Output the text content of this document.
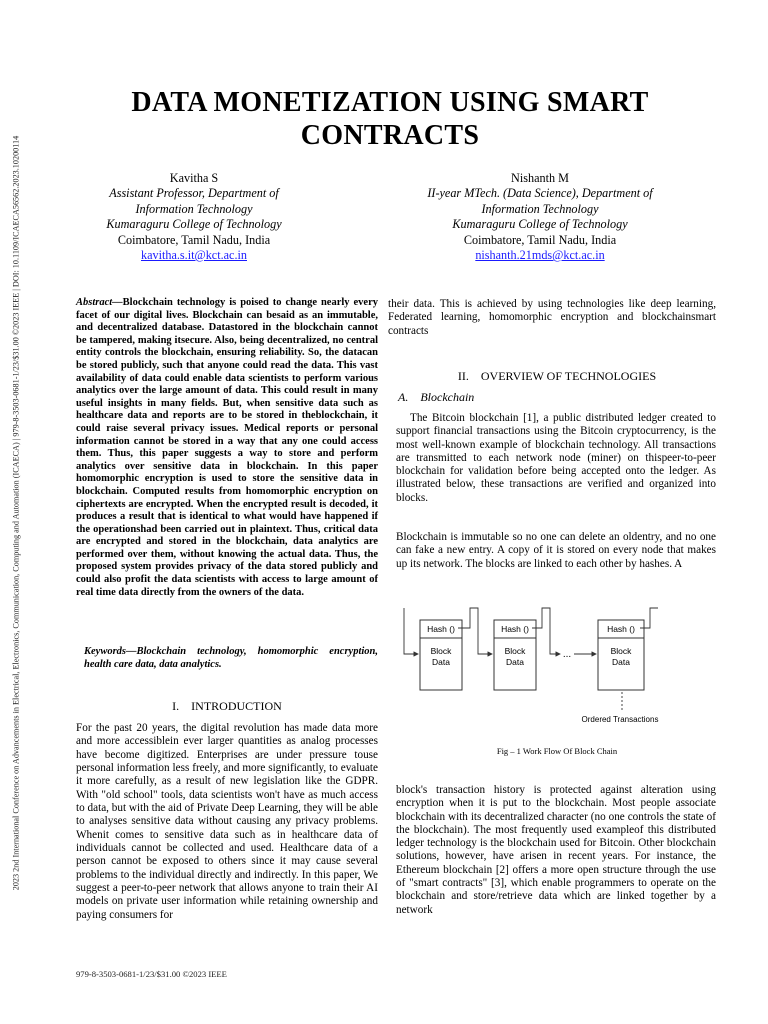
2023 2nd International Conference on Advancements in Electrical, Electronics, Communication, Computing and Automation (ICAECA) | 979-8-3503-0681-1/23/$31.00 ©2023 IEEE | DOI: 10.1109/ICAECA56562.2023.10200114
DATA MONETIZATION USING SMART
CONTRACTS
Kavitha S
Assistant Professor, Department of
Information Technology
Kumaraguru College of Technology
Coimbatore, Tamil Nadu, India
kavitha.s.it@kct.ac.in
Nishanth M
II-year MTech. (Data Science), Department of
Information Technology
Kumaraguru College of Technology
Coimbatore, Tamil Nadu, India
nishanth.21mds@kct.ac.in

Abstract—Blockchain technology is poised to change nearly every facet of our digital lives. Blockchain can besaid as an immutable, and decentralized database. Datastored in the blockchain cannot be tampered, making itsecure. Also, being decentralized, no central entity controls the blockchain, ensuring reliability. So, the datacan be stored publicly, such that anyone could read the data. This vast availability of data could enable data scientists to perform various analytics over the large amount of data. This could result in many useful insights in many fields. But, when sensitive data such as healthcare data and reports are to be stored in theblockchain, it could raise several privacy issues. Medical reports or personal information cannot be stored in a way that any one could access them. Thus, this paper suggests a way to store and perform analytics over sensitive data in blockchain. In this paper homomorphic encryption is used to store the sensitive data in blockchain. Computed results from homomorphic encryption on ciphertexts are encrypted. When the encrypted result is decoded, it produces a result that is identical to what would have happened if the operationshad been carried out in plaintext. Thus, critical data are encrypted and stored in the blockchain, data analytics are performed over them, without knowing the actual data. Thus, the proposed system provides privacy of the data stored publicly and could also profit the data scientists with access to large amount of real time data directly from the owners of the data.

Keywords—Blockchain technology, homomorphic encryption, health care data, data analytics.

I. INTRODUCTION

For the past 20 years, the digital revolution has made data more and more accessiblein ever larger quantities as analog processes have become digitized. Enterprises are under pressure touse personal information less freely, and more significantly, to evaluate it more carefully, as a result of new legislation like the GDPR. With "old school" tools, data scientists won't have as much access to data, but with the aid of Private Deep Learning, they will be able to analyses sensitive data without causing any privacy problems. Whenit comes to sensitive data such as in healthcare data of individuals cannot be collected and used. Healthcare data of a person cannot be exposed to others since it may cause several problems to the individual directly and indirectly. In this paper, We suggest a peer-to-peer network that allows anyone to train their AI models on private user information while retaining ownership and paying consumers for

their data. This is achieved by using technologies like deep learning, Federated learning, homomorphic encryption and blockchainsmart contracts

II. OVERVIEW OF TECHNOLOGIES
A. Blockchain

The Bitcoin blockchain [1], a public distributed ledger created to support financial transactions using the Bitcoin cryptocurrency, is the most well-known example of blockchain technology. All transactions are transmitted to each network node (miner) on thispeer-to-peer blockchain for validation before being accepted onto the ledger. As illustrated below, these transactions are verified and organized into blocks.

Blockchain is immutable so no one can delete an oldentry, and no one can fake a new entry. A copy of it is stored on every node that makes up its network. The blocks are linked to each other by hashes. A

Hash ()
Block
Data
Hash ()
Block
Data
Hash ()
Block
Data
...
Ordered Transactions
Fig – 1 Work Flow Of Block Chain

block's transaction history is protected against alteration using encryption when it is put to the blockchain. Most people associate blockchain with its decentralized character (no one controls the state of the blockchain). The most frequently used exampleof this distributed ledger technology is the blockchain used for Bitcoin. Other blockchain solutions, however, have arisen in recent years. For instance, the Ethereum blockchain [2] offers a more open structure through the use of "smart contracts" [3], which enable programmers to operate on the blockchain and store/retrieve data which are linked together by a network

979-8-3503-0681-1/23/$31.00 ©2023 IEEE
